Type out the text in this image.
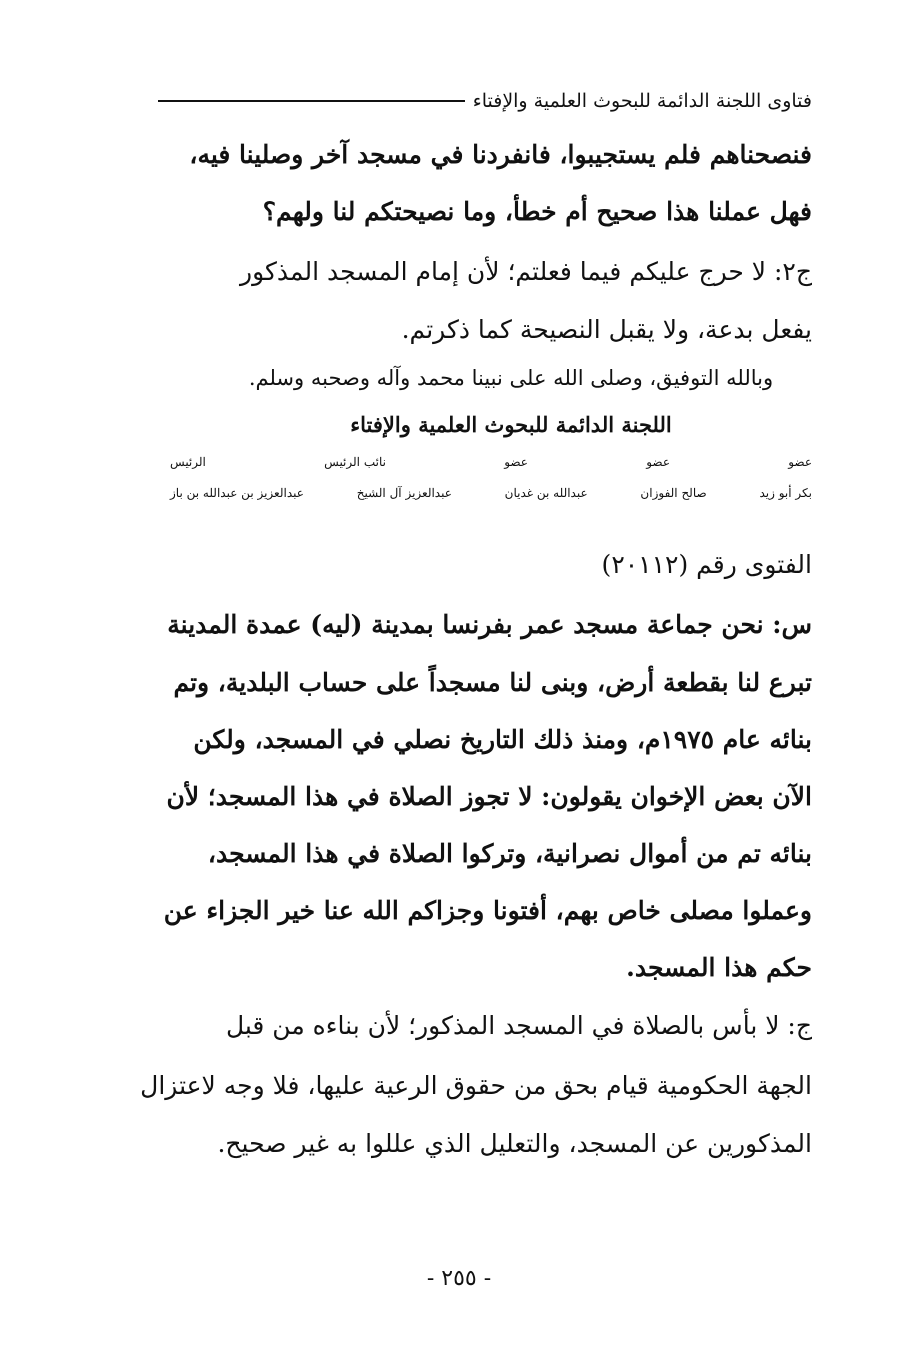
فتاوى اللجنة الدائمة للبحوث العلمية والإفتاء
فنصحناهم فلم يستجيبوا، فانفردنا في مسجد آخر وصلينا فيه،
فهل عملنا هذا صحيح أم خطأ، وما نصيحتكم لنا ولهم؟
ج٢: لا حرج عليكم فيما فعلتم؛ لأن إمام المسجد المذكور
يفعل بدعة، ولا يقبل النصيحة كما ذكرتم.
وبالله التوفيق، وصلى الله على نبينا محمد وآله وصحبه وسلم.
اللجنة الدائمة للبحوث العلمية والإفتاء
عضو
عضو
عضو
نائب الرئيس
الرئيس
بكر أبو زيد
صالح الفوزان
عبدالله بن غديان
عبدالعزيز آل الشيخ
عبدالعزيز بن عبدالله بن باز
الفتوى رقم (٢٠١١٢)
س: نحن جماعة مسجد عمر بفرنسا بمدينة (ليه) عمدة المدينة
تبرع لنا بقطعة أرض، وبنى لنا مسجداً على حساب البلدية، وتم
بنائه عام ١٩٧٥م، ومنذ ذلك التاريخ نصلي في المسجد، ولكن
الآن بعض الإخوان يقولون: لا تجوز الصلاة في هذا المسجد؛ لأن
بنائه تم من أموال نصرانية، وتركوا الصلاة في هذا المسجد،
وعملوا مصلى خاص بهم، أفتونا وجزاكم الله عنا خير الجزاء عن
حكم هذا المسجد.
ج: لا بأس بالصلاة في المسجد المذكور؛ لأن بناءه من قبل
الجهة الحكومية قيام بحق من حقوق الرعية عليها، فلا وجه لاعتزال
المذكورين عن المسجد، والتعليل الذي عللوا به غير صحيح.
- ٢٥٥ -
